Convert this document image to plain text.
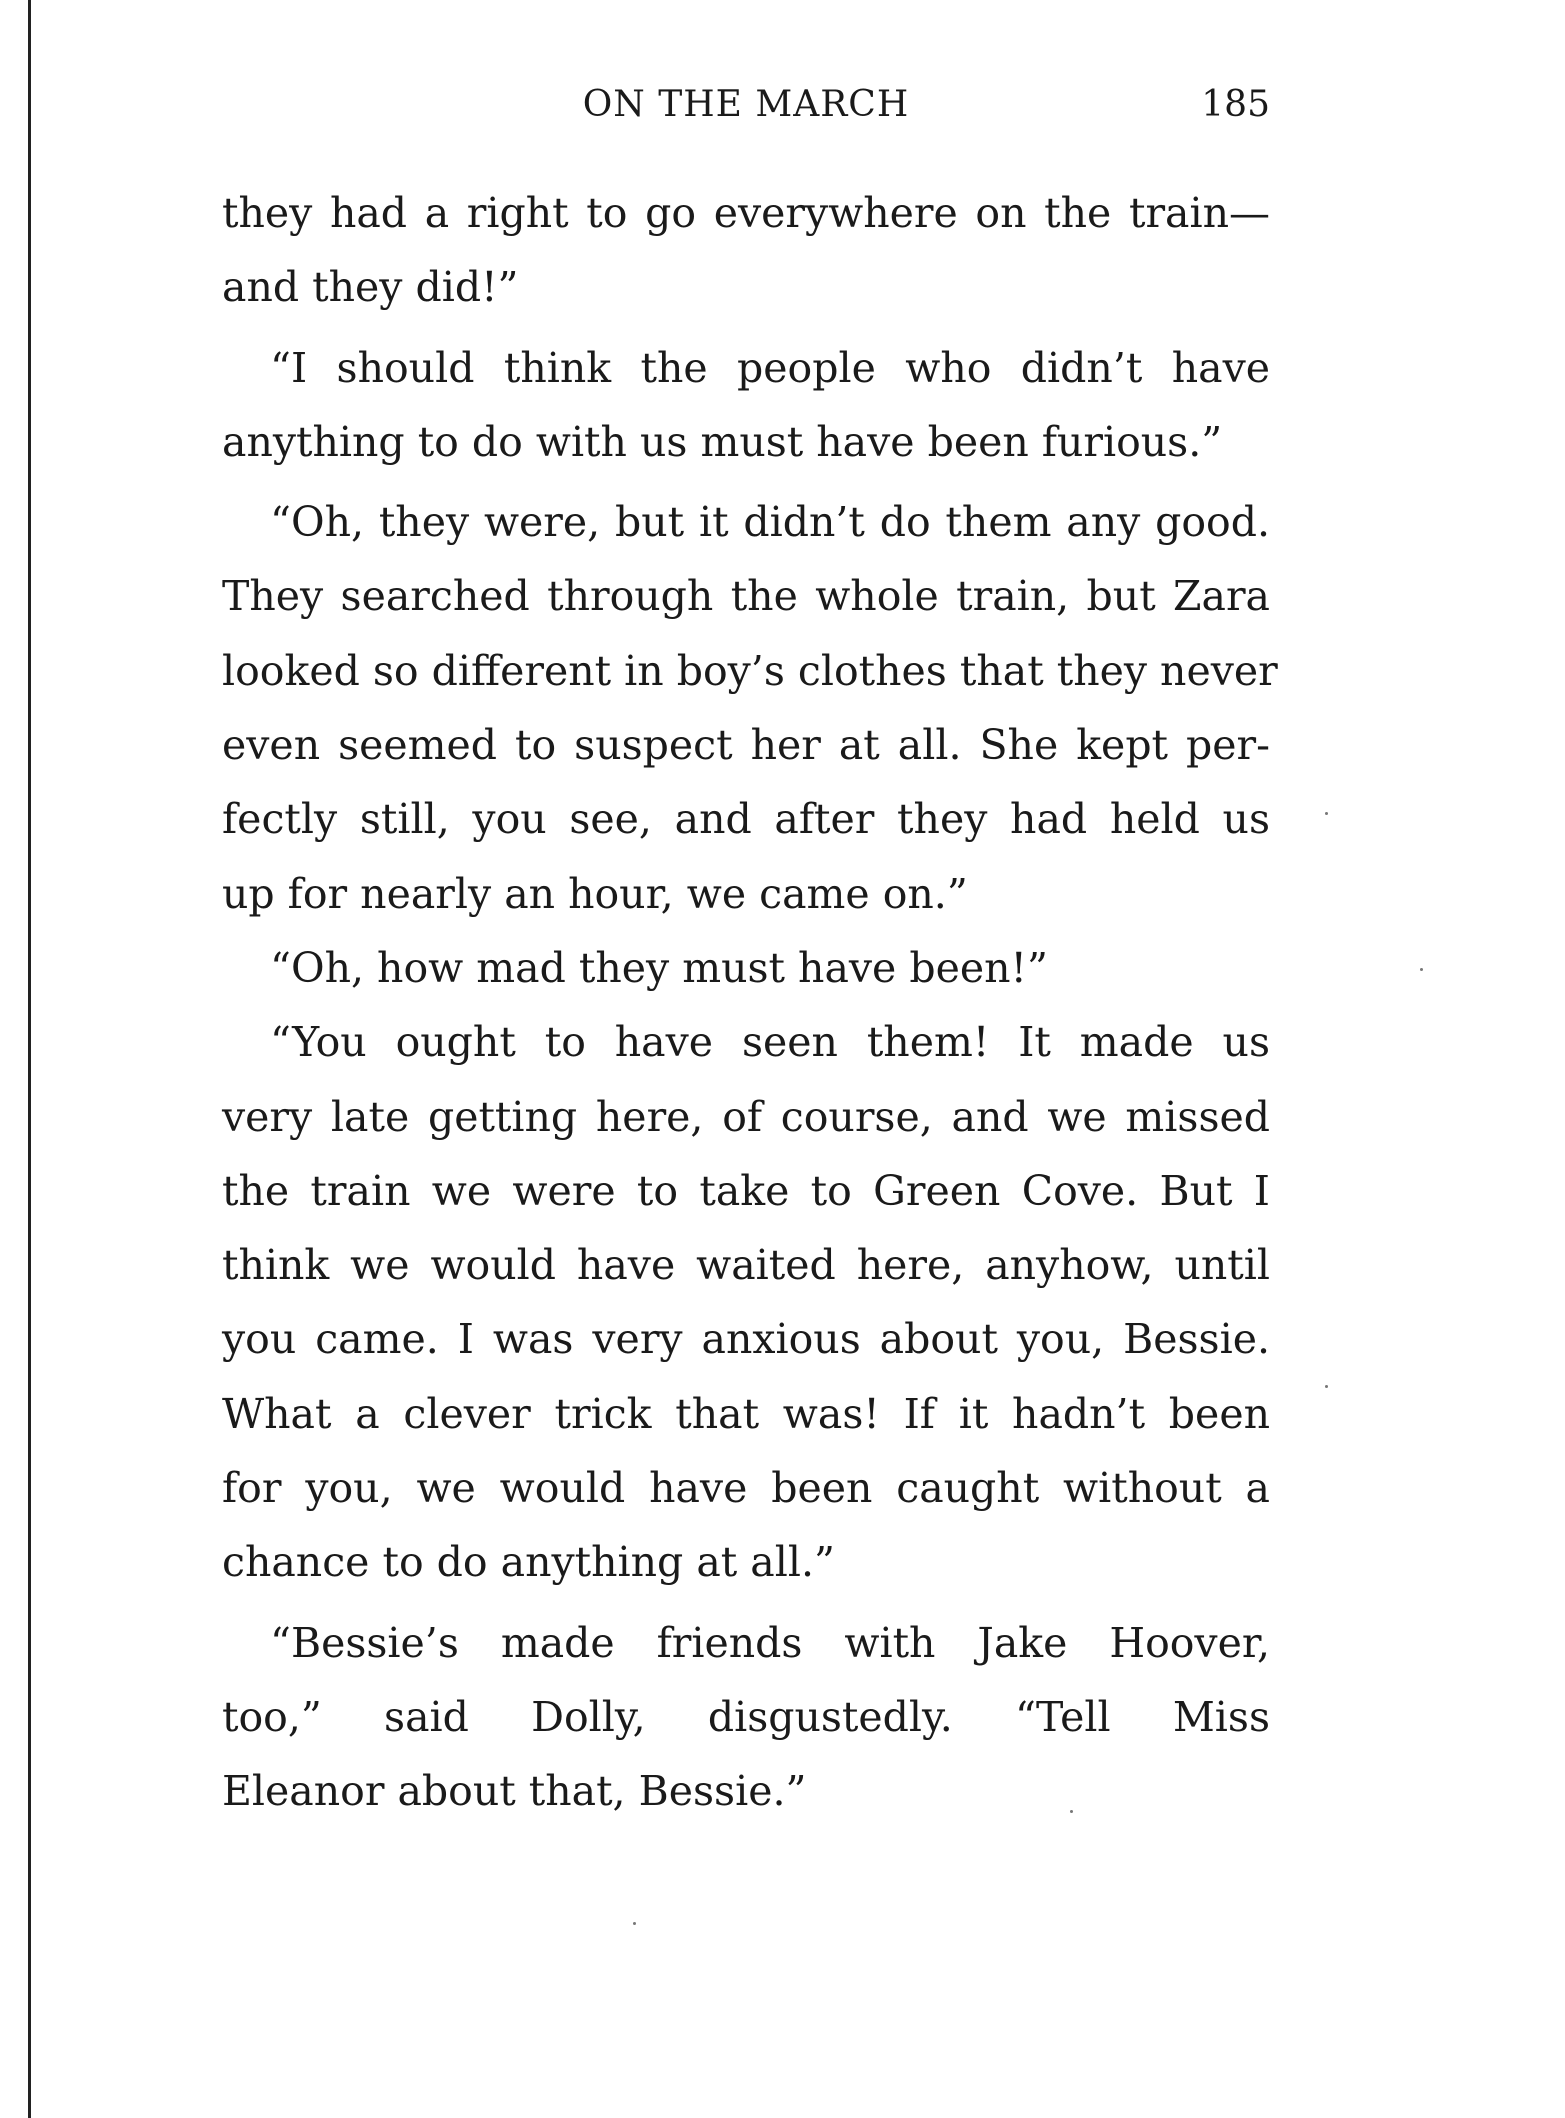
ON THE MARCH	185
they had a right to go everywhere on the train—
and they did!”
“I should think the people who didn’t have
anything to do with us must have been furious.”
“Oh, they were, but it didn’t do them any good.
They searched through the whole train, but Zara
looked so different in boy’s clothes that they never
even seemed to suspect her at all. She kept per-
fectly still, you see, and after they had held us
up for nearly an hour, we came on.”
“Oh, how mad they must have been!”
“You ought to have seen them! It made us
very late getting here, of course, and we missed
the train we were to take to Green Cove. But I
think we would have waited here, anyhow, until
you came. I was very anxious about you, Bessie.
What a clever trick that was! If it hadn’t been
for you, we would have been caught without a
chance to do anything at all.”
“Bessie’s made friends with Jake Hoover,
too,” said Dolly, disgustedly. “Tell Miss
Eleanor about that, Bessie.”
